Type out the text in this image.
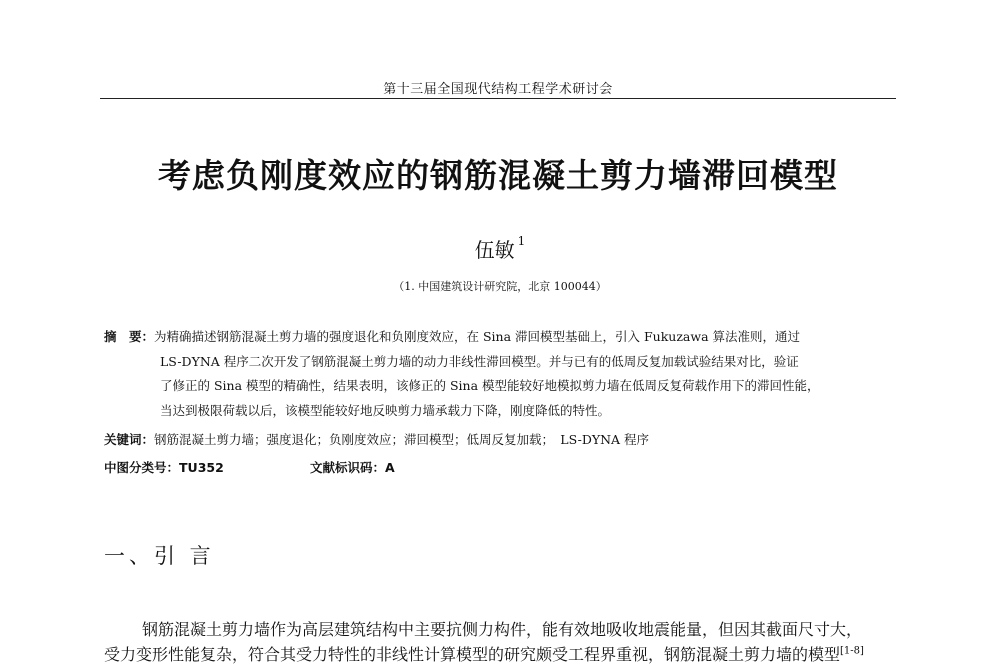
第十三届全国现代结构工程学术研讨会
考虑负刚度效应的钢筋混凝土剪力墙滞回模型
伍敏 $^1$
（1. 中国建筑设计研究院，北京 100044）
摘　要：为精确描述钢筋混凝土剪力墙的强度退化和负刚度效应，在 Sina 滞回模型基础上，引入 Fukuzawa 算法准则，通过
LS-DYNA 程序二次开发了钢筋混凝土剪力墙的动力非线性滞回模型。并与已有的低周反复加载试验结果对比，验证
了修正的 Sina 模型的精确性，结果表明，该修正的 Sina 模型能较好地模拟剪力墙在低周反复荷载作用下的滞回性能，
当达到极限荷载以后，该模型能较好地反映剪力墙承载力下降，刚度降低的特性。
关键词：钢筋混凝土剪力墙；强度退化；负刚度效应；滞回模型；低周反复加载；　LS-DYNA 程序
中图分类号：TU352	文献标识码：A
一、引 言
钢筋混凝土剪力墙作为高层建筑结构中主要抗侧力构件，能有效地吸收地震能量，但因其截面尺寸大，
受力变形性能复杂，符合其受力特性的非线性计算模型的研究颇受工程界重视，钢筋混凝土剪力墙的模型[1-8]
